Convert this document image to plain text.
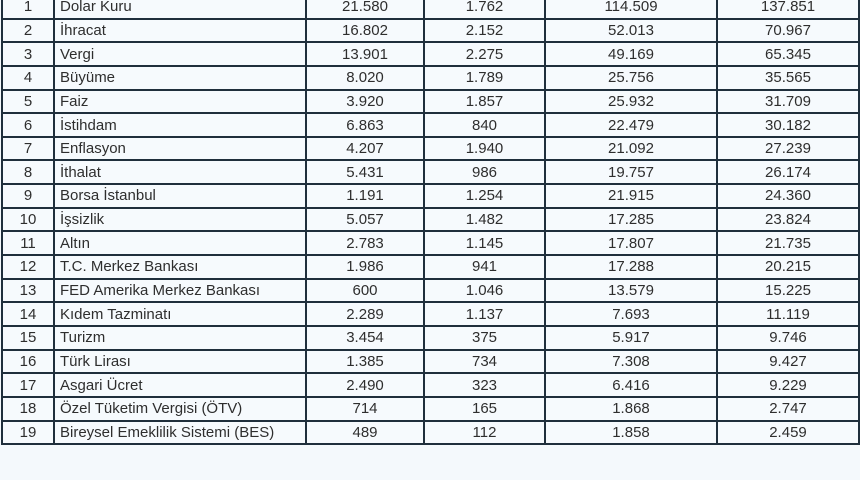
1	Dolar Kuru	21.580	1.762	114.509	137.851
2	İhracat	16.802	2.152	52.013	70.967
3	Vergi	13.901	2.275	49.169	65.345
4	Büyüme	8.020	1.789	25.756	35.565
5	Faiz	3.920	1.857	25.932	31.709
6	İstihdam	6.863	840	22.479	30.182
7	Enflasyon	4.207	1.940	21.092	27.239
8	İthalat	5.431	986	19.757	26.174
9	Borsa İstanbul	1.191	1.254	21.915	24.360
10	İşsizlik	5.057	1.482	17.285	23.824
11	Altın	2.783	1.145	17.807	21.735
12	T.C. Merkez Bankası	1.986	941	17.288	20.215
13	FED Amerika Merkez Bankası	600	1.046	13.579	15.225
14	Kıdem Tazminatı	2.289	1.137	7.693	11.119
15	Turizm	3.454	375	5.917	9.746
16	Türk Lirası	1.385	734	7.308	9.427
17	Asgari Ücret	2.490	323	6.416	9.229
18	Özel Tüketim Vergisi (ÖTV)	714	165	1.868	2.747
19	Bireysel Emeklilik Sistemi (BES)	489	112	1.858	2.459
